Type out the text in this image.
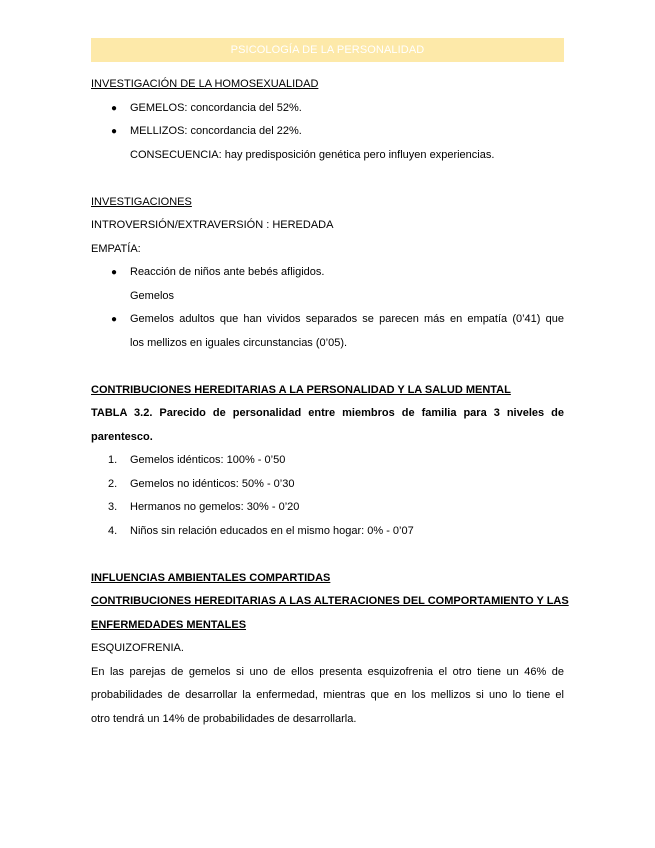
PSICOLOGÍA DE LA PERSONALIDAD
INVESTIGACIÓN DE LA HOMOSEXUALIDAD
● GEMELOS: concordancia del 52%.
● MELLIZOS: concordancia del 22%.
CONSECUENCIA: hay predisposición genética pero influyen experiencias.
INVESTIGACIONES
INTROVERSIÓN/EXTRAVERSIÓN : HEREDADA
EMPATÍA:
● Reacción de niños ante bebés afligidos.
Gemelos
● Gemelos adultos que han vividos separados se parecen más en empatía (0’41) que
los mellizos en iguales circunstancias (0’05).
CONTRIBUCIONES HEREDITARIAS A LA PERSONALIDAD Y LA SALUD MENTAL
TABLA 3.2. Parecido de personalidad entre miembros de familia para 3 niveles de
parentesco.
1. Gemelos idénticos: 100% - 0’50
2. Gemelos no idénticos: 50% - 0’30
3. Hermanos no gemelos: 30% - 0’20
4. Niños sin relación educados en el mismo hogar: 0% - 0’07
INFLUENCIAS AMBIENTALES COMPARTIDAS
CONTRIBUCIONES HEREDITARIAS A LAS ALTERACIONES DEL COMPORTAMIENTO Y LAS
ENFERMEDADES MENTALES
ESQUIZOFRENIA.
En las parejas de gemelos si uno de ellos presenta esquizofrenia el otro tiene un 46% de
probabilidades de desarrollar la enfermedad, mientras que en los mellizos si uno lo tiene el
otro tendrá un 14% de probabilidades de desarrollarla.
